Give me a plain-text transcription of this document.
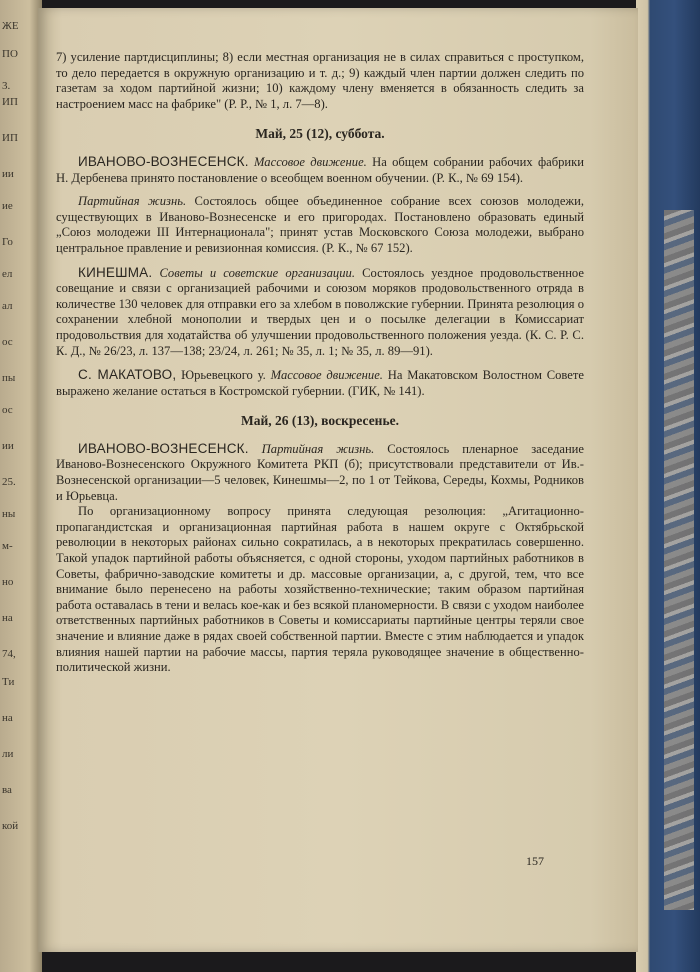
ЖЕ
ПО
3.
ИП
ИП
ии
ие
Го
ел
ал
ос
пы
ос
ии
25.
ны
м-
но
на
74,
Ти
на
ли
ва
кой

7) усиление партдисциплины; 8) если местная организация не в силах справиться с проступком, то дело передается в окружную организацию и т. д.; 9) каждый член партии должен следить по газетам за ходом партийной жизни; 10) каждому члену вменяется в обязанность следить за настроением масс на фабрике" (Р. Р., № 1, л. 7—8).

Май, 25 (12), суббота.

ИВАНОВО-ВОЗНЕСЕНСК. Массовое движение. На общем собрании рабочих фабрики Н. Дербенева принято постановление о всеобщем военном обучении. (Р. К., № 69 154).

Партийная жизнь. Состоялось общее объединенное собрание всех союзов молодежи, существующих в Иваново-Вознесенске и его пригородах. Постановлено образовать единый „Союз молодежи III Интернационала"; принят устав Московского Союза молодежи, выбрано центральное правление и ревизионная комиссия. (Р. К., № 67 152).

КИНЕШМА. Советы и советские организации. Состоялось уездное продовольственное совещание и связи с организацией рабочими и союзом моряков продовольственного отряда в количестве 130 человек для отправки его за хлебом в поволжские губернии. Принята резолюция о сохранении хлебной монополии и твердых цен и о посылке делегации в Комиссариат продовольствия для ходатайства об улучшении продовольственного положения уезда. (К. С. Р. С. К. Д., № 26/23, л. 137—138; 23/24, л. 261; № 35, л. 1; № 35, л. 89—91).

С. МАКАТОВО, Юрьевецкого у. Массовое движение. На Макатовском Волостном Совете выражено желание остаться в Костромской губернии. (ГИК, № 141).

Май, 26 (13), воскресенье.

ИВАНОВО-ВОЗНЕСЕНСК. Партийная жизнь. Состоялось пленарное заседание Иваново-Вознесенского Окружного Комитета РКП (б); присутствовали представители от Ив.-Вознесенской организации—5 человек, Кинешмы—2, по 1 от Тейкова, Середы, Кохмы, Родников и Юрьевца.

По организационному вопросу принята следующая резолюция: „Агитационно-пропагандистская и организационная партийная работа в нашем округе с Октябрьской революции в некоторых районах сильно сократилась, а в некоторых прекратилась совершенно. Такой упадок партийной работы объясняется, с одной стороны, уходом партийных работников в Советы, фабрично-заводские комитеты и др. массовые организации, а, с другой, тем, что все внимание было перенесено на работы хозяйственно-технические; таким образом партийная работа оставалась в тени и велась кое-как и без всякой планомерности. В связи с уходом наиболее ответственных партийных работников в Советы и комиссариаты партийные центры теряли свое значение и влияние даже в рядах своей собственной партии. Вместе с этим наблюдается и упадок влияния нашей партии на рабочие массы, партия теряла руководящее значение в общественно-политической жизни.

157
